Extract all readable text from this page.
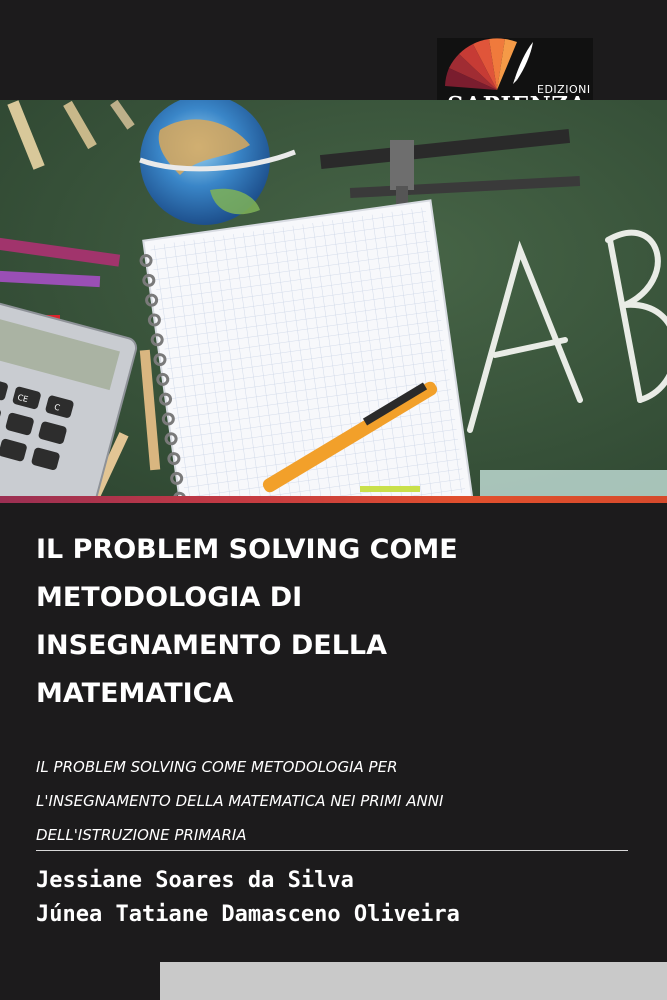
EDIZIONI
CE
C
IL PROBLEM SOLVING COME
METODOLOGIA DI
INSEGNAMENTO DELLA
MATEMATICA

IL PROBLEM SOLVING COME METODOLOGIA PER
L'INSEGNAMENTO DELLA MATEMATICA NEI PRIMI ANNI
DELL'ISTRUZIONE PRIMARIA

Jessiane Soares da Silva
Júnea Tatiane Damasceno Oliveira
